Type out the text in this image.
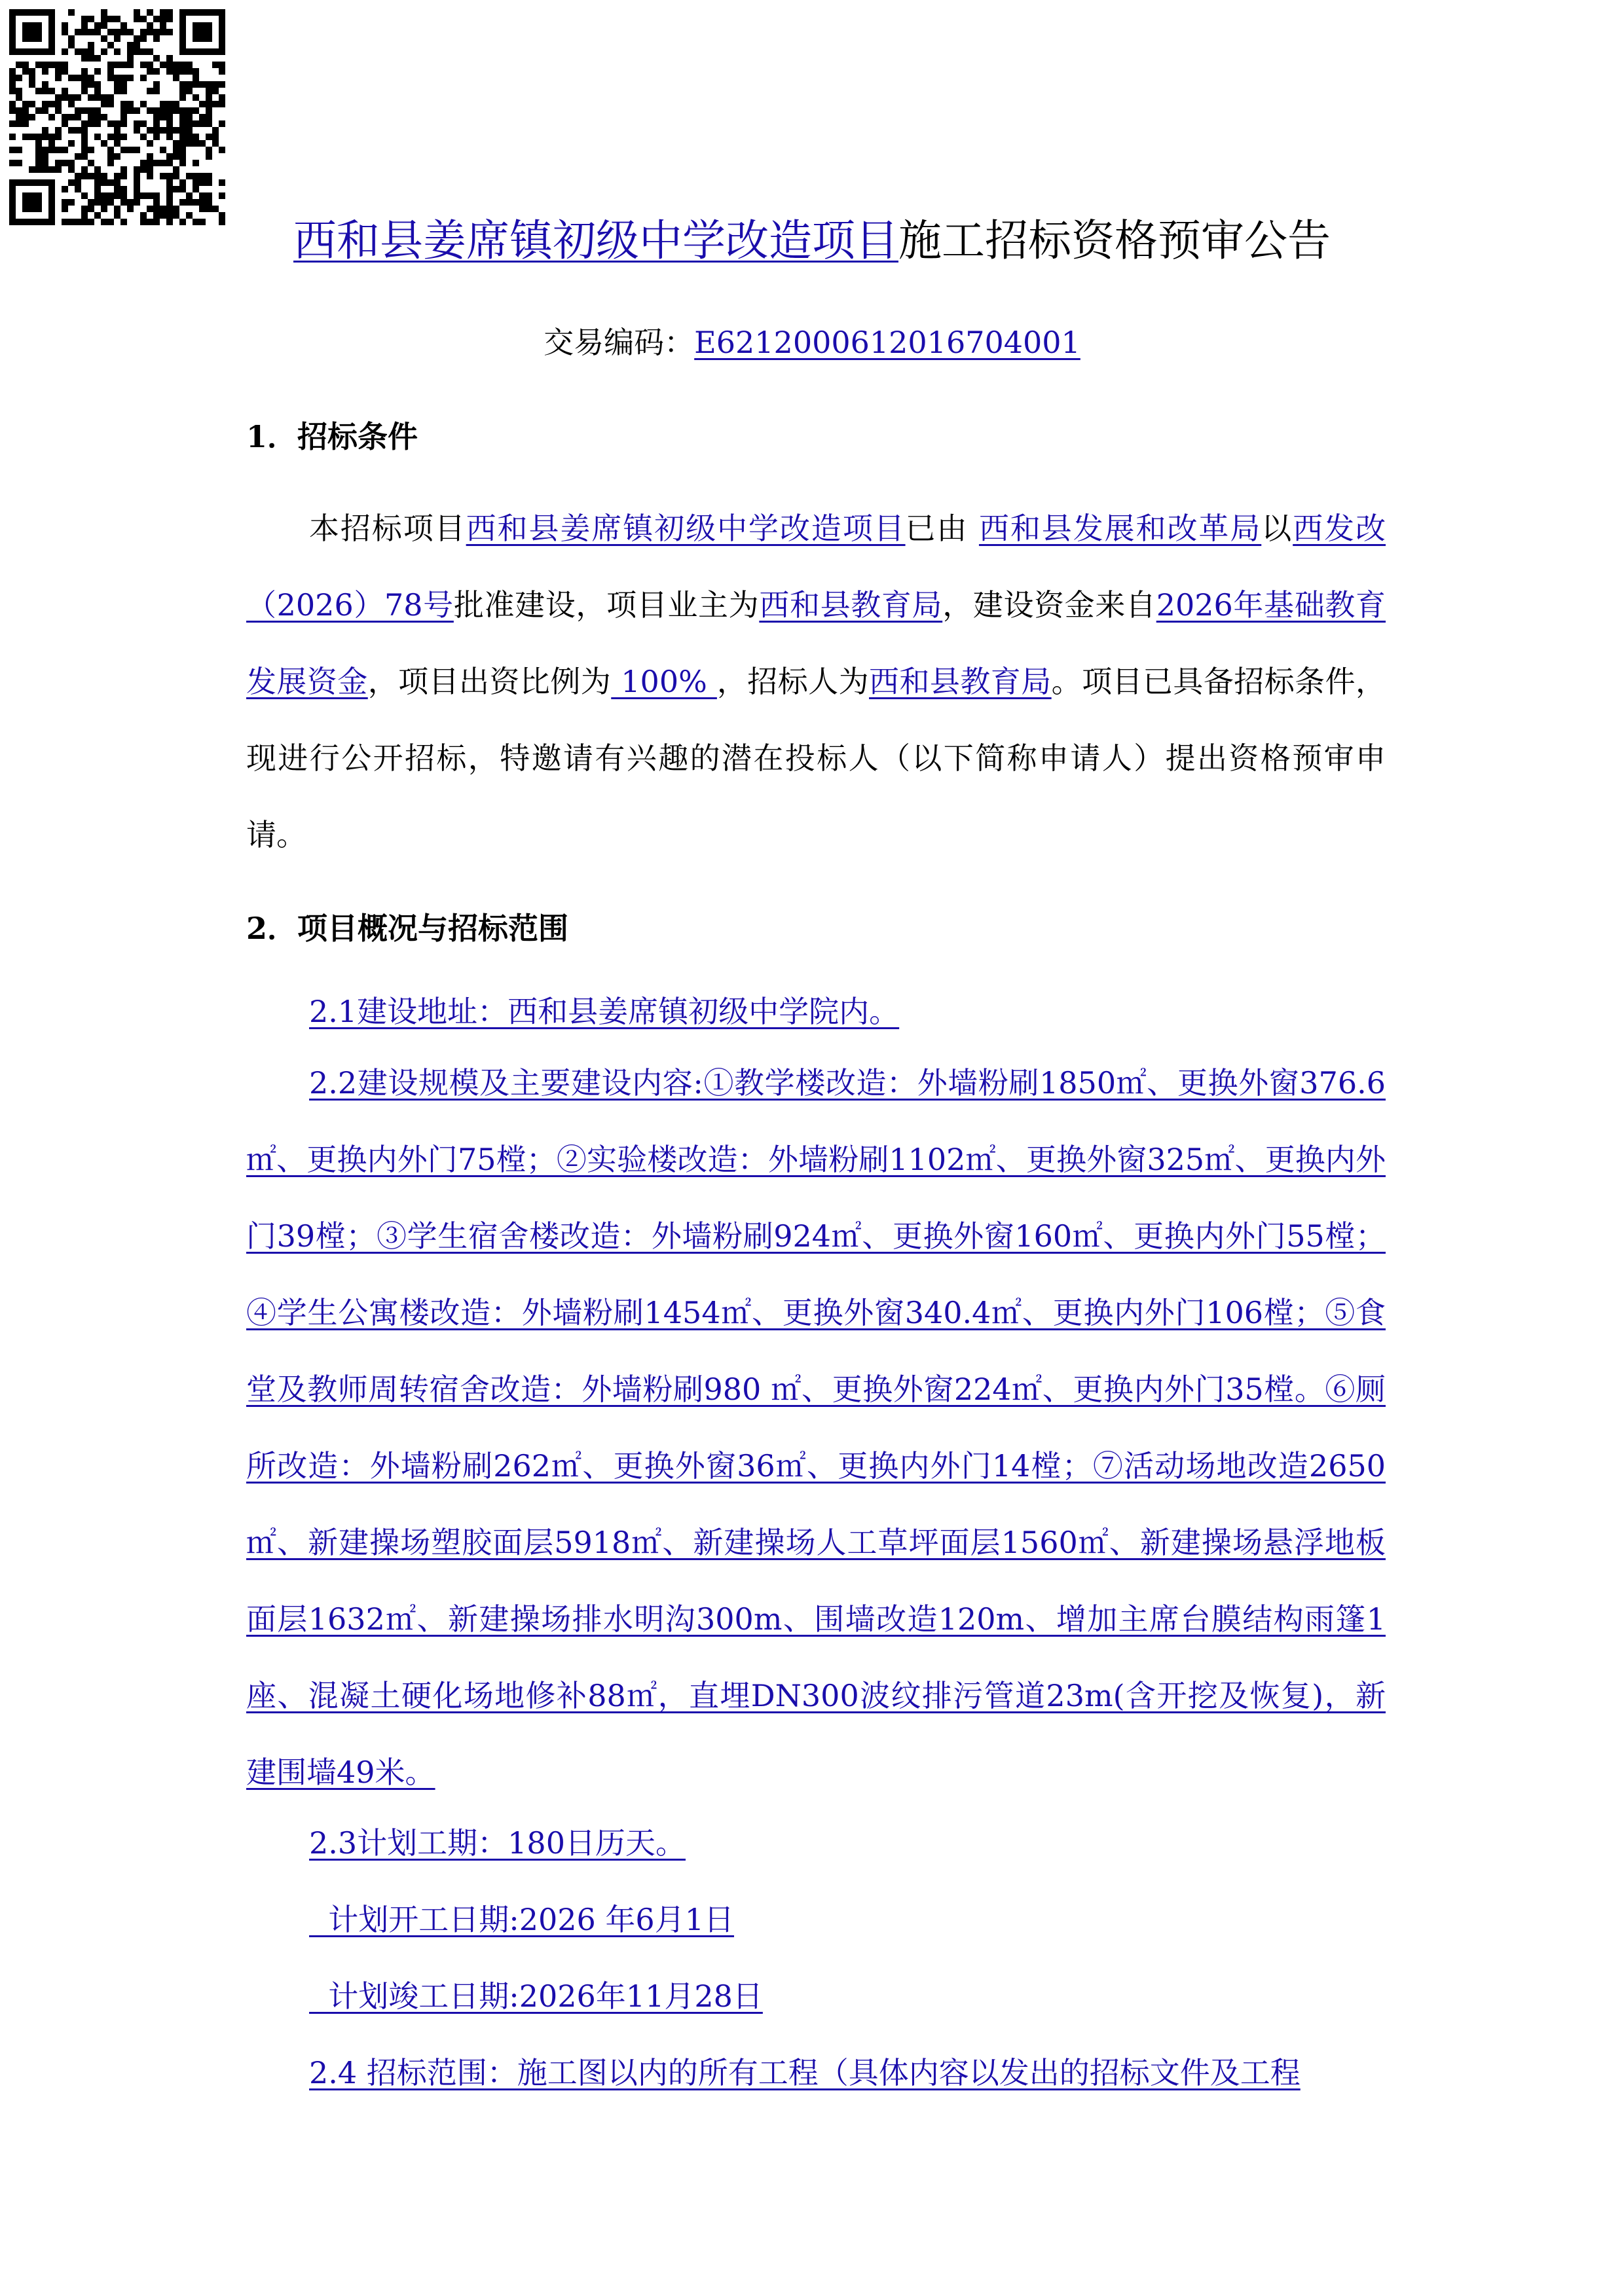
西和县姜席镇初级中学改造项目施工招标资格预审公告
交易编码：E6212000612016704001
1．招标条件

本招标项目西和县姜席镇初级中学改造项目已由 西和县发展和改革局以西发改（2026）78号批准建设，项目业主为西和县教育局，建设资金来自2026年基础教育发展资金，项目出资比例为 100% ，招标人为西和县教育局。项目已具备招标条件，现进行公开招标，特邀请有兴趣的潜在投标人（以下简称申请人）提出资格预审申请。

2．项目概况与招标范围
2.1建设地址：西和县姜席镇初级中学院内。

2.2建设规模及主要建设内容:①教学楼改造：外墙粉刷1850㎡、更换外窗376.6㎡、更换内外门75樘；②实验楼改造：外墙粉刷1102㎡、更换外窗325㎡、更换内外门39樘；③学生宿舍楼改造：外墙粉刷924㎡、更换外窗160㎡、更换内外门55樘；④学生公寓楼改造：外墙粉刷1454㎡、更换外窗340.4㎡、更换内外门106樘；⑤食堂及教师周转宿舍改造：外墙粉刷980 ㎡、更换外窗224㎡、更换内外门35樘。⑥厕所改造：外墙粉刷262㎡、更换外窗36㎡、更换内外门14樘；⑦活动场地改造2650㎡、新建操场塑胶面层5918㎡、新建操场人工草坪面层1560㎡、新建操场悬浮地板面层1632㎡、新建操场排水明沟300m、围墙改造120m、增加主席台膜结构雨篷1座、混凝土硬化场地修补88㎡，直埋DN300波纹排污管道23m(含开挖及恢复)，新建围墙49米。

2.3计划工期：180日历天。
计划开工日期:2026 年6月1日
计划竣工日期:2026年11月28日
2.4 招标范围：施工图以内的所有工程（具体内容以发出的招标文件及工程
